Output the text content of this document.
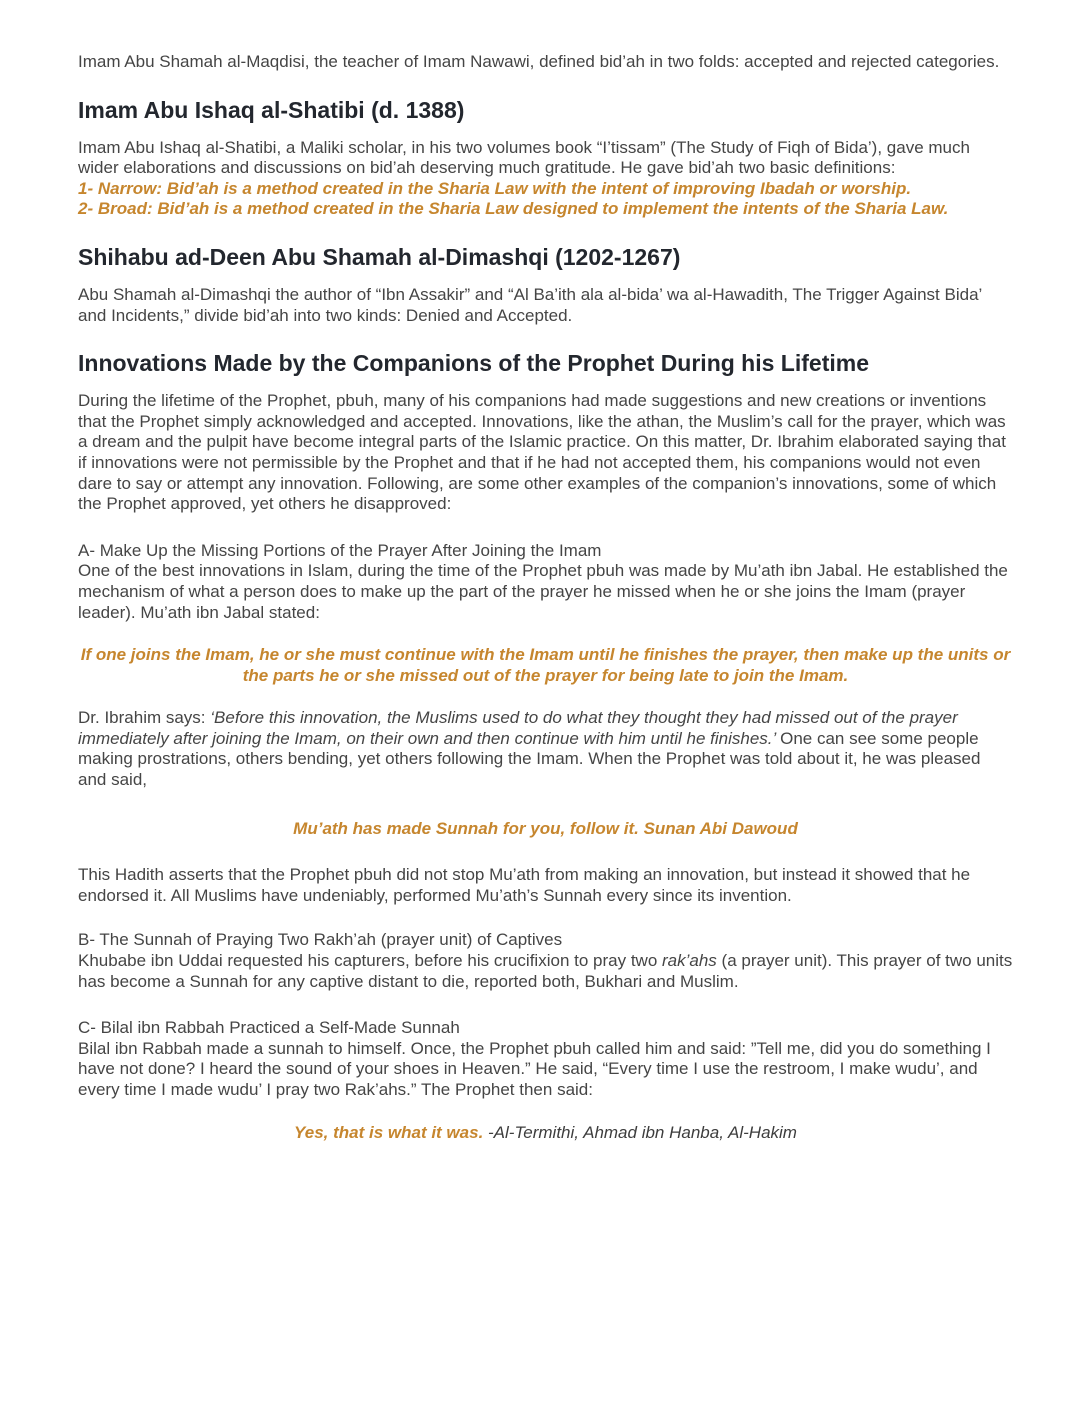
Imam Abu Shamah al-Maqdisi, the teacher of Imam Nawawi, defined bid’ah in two folds: accepted and rejected categories.

Imam Abu Ishaq al-Shatibi (d. 1388)

Imam Abu Ishaq al-Shatibi, a Maliki scholar, in his two volumes book “I’tissam” (The Study of Fiqh of Bida’), gave much wider elaborations and discussions on bid’ah deserving much gratitude. He gave bid’ah two basic definitions:

1- Narrow: Bid’ah is a method created in the Sharia Law with the intent of improving Ibadah or worship.

2- Broad: Bid’ah is a method created in the Sharia Law designed to implement the intents of the Sharia Law.

Shihabu ad-Deen Abu Shamah al-Dimashqi (1202-1267)

Abu Shamah al-Dimashqi the author of “Ibn Assakir” and “Al Ba’ith ala al-bida’ wa al-Hawadith, The Trigger Against Bida’ and Incidents,” divide bid’ah into two kinds: Denied and Accepted.

Innovations Made by the Companions of the Prophet During his Lifetime

During the lifetime of the Prophet, pbuh, many of his companions had made suggestions and new creations or inventions that the Prophet simply acknowledged and accepted. Innovations, like the athan, the Muslim’s call for the prayer, which was a dream and the pulpit have become integral parts of the Islamic practice. On this matter, Dr. Ibrahim elaborated saying that if innovations were not permissible by the Prophet and that if he had not accepted them, his companions would not even dare to say or attempt any innovation. Following, are some other examples of the companion’s innovations, some of which the Prophet approved, yet others he disapproved:

A- Make Up the Missing Portions of the Prayer After Joining the Imam
One of the best innovations in Islam, during the time of the Prophet pbuh was made by Mu’ath ibn Jabal. He established the mechanism of what a person does to make up the part of the prayer he missed when he or she joins the Imam (prayer leader). Mu’ath ibn Jabal stated:

If one joins the Imam, he or she must continue with the Imam until he finishes the prayer, then make up the units or the parts he or she missed out of the prayer for being late to join the Imam.

Dr. Ibrahim says: ‘Before this innovation, the Muslims used to do what they thought they had missed out of the prayer immediately after joining the Imam, on their own and then continue with him until he finishes.’ One can see some people making prostrations, others bending, yet others following the Imam. When the Prophet was told about it, he was pleased and said,

Mu’ath has made Sunnah for you, follow it. Sunan Abi Dawoud

This Hadith asserts that the Prophet pbuh did not stop Mu’ath from making an innovation, but instead it showed that he endorsed it. All Muslims have undeniably, performed Mu’ath’s Sunnah every since its invention.

B- The Sunnah of Praying Two Rakh’ah (prayer unit) of Captives
Khubabe ibn Uddai requested his capturers, before his crucifixion to pray two rak’ahs (a prayer unit). This prayer of two units has become a Sunnah for any captive distant to die, reported both, Bukhari and Muslim.
C- Bilal ibn Rabbah Practiced a Self-Made Sunnah
Bilal ibn Rabbah made a sunnah to himself. Once, the Prophet pbuh called him and said: ”Tell me, did you do something I have not done? I heard the sound of your shoes in Heaven.” He said, “Every time I use the restroom, I make wudu’, and every time I made wudu’ I pray two Rak’ahs.” The Prophet then said:

Yes, that is what it was. -Al-Termithi, Ahmad ibn Hanba, Al-Hakim
